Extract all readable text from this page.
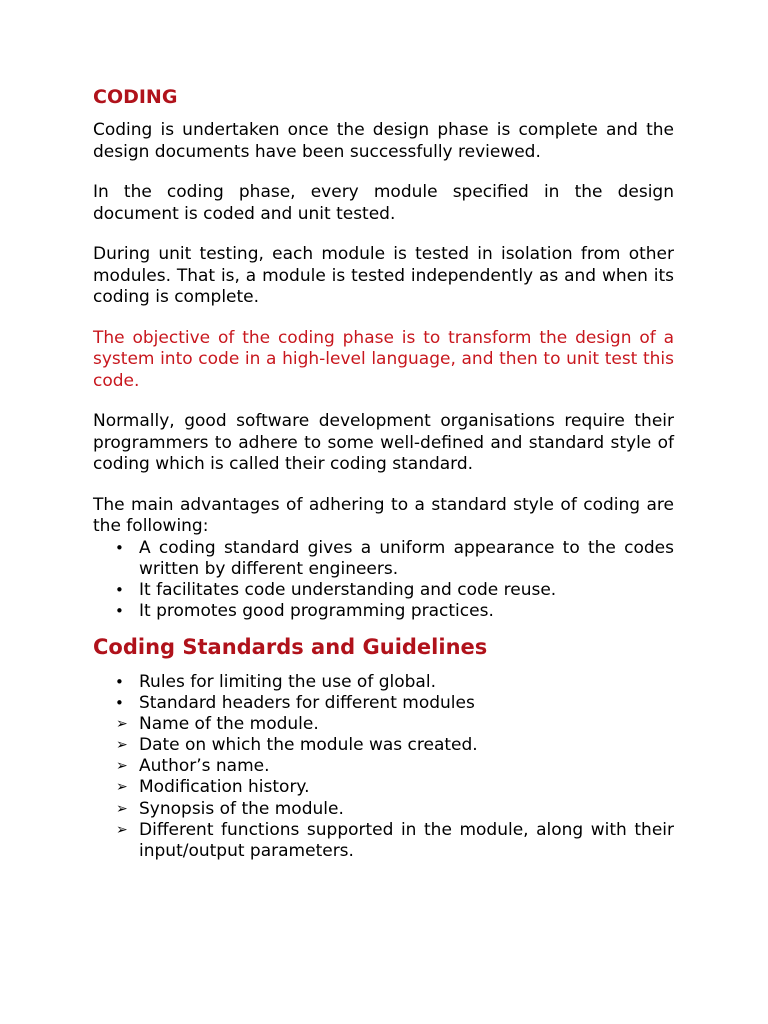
CODING

Coding is undertaken once the design phase is complete and the design documents have been successfully reviewed.

In the coding phase, every module specified in the design document is coded and unit tested.

During unit testing, each module is tested in isolation from other modules. That is, a module is tested independently as and when its coding is complete.

The objective of the coding phase is to transform the design of a system into code in a high-level language, and then to unit test this code.

Normally, good software development organisations require their programmers to adhere to some well-defined and standard style of coding which is called their coding standard.

The main advantages of adhering to a standard style of coding are the following:

• A coding standard gives a uniform appearance to the codes written by different engineers.
• It facilitates code understanding and code reuse.
• It promotes good programming practices.
Coding Standards and Guidelines
• Rules for limiting the use of global.
• Standard headers for different modules
➢ Name of the module.
➢ Date on which the module was created.
➢ Author’s name.
➢ Modification history.
➢ Synopsis of the module.
➢ Different functions supported in the module, along with their input/output parameters.
